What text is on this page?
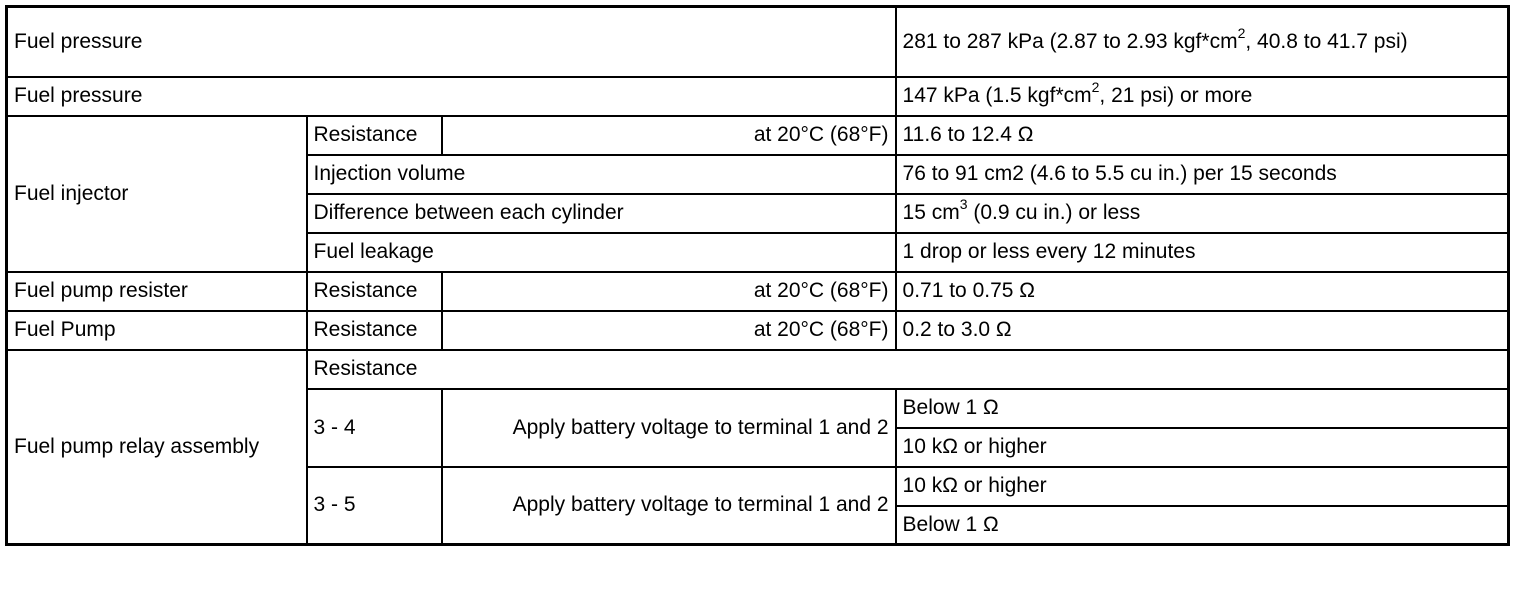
Fuel pressure			281 to 287 kPa (2.87 to 2.93 $kgf*cm^2$, 40.8 to 41.7 psi)
Fuel pressure			147 kPa (1.5 $kgf*cm^2$, 21 psi) or more
Fuel injector	Resistance	at 20°C (68°F)	11.6 to 12.4 Ω
	Injection volume		76 to 91 cm2 (4.6 to 5.5 cu in.) per 15 seconds
	Difference between each cylinder		15 $cm^3$ (0.9 cu in.) or less
	Fuel leakage		1 drop or less every 12 minutes
Fuel pump resister	Resistance	at 20°C (68°F)	0.71 to 0.75 Ω
Fuel Pump	Resistance	at 20°C (68°F)	0.2 to 3.0 Ω
Fuel pump relay assembly	Resistance		
	3 - 4	Apply battery voltage to terminal 1 and 2	Below 1 Ω
			10 kΩ or higher
	3 - 5	Apply battery voltage to terminal 1 and 2	10 kΩ or higher
			Below 1 Ω
